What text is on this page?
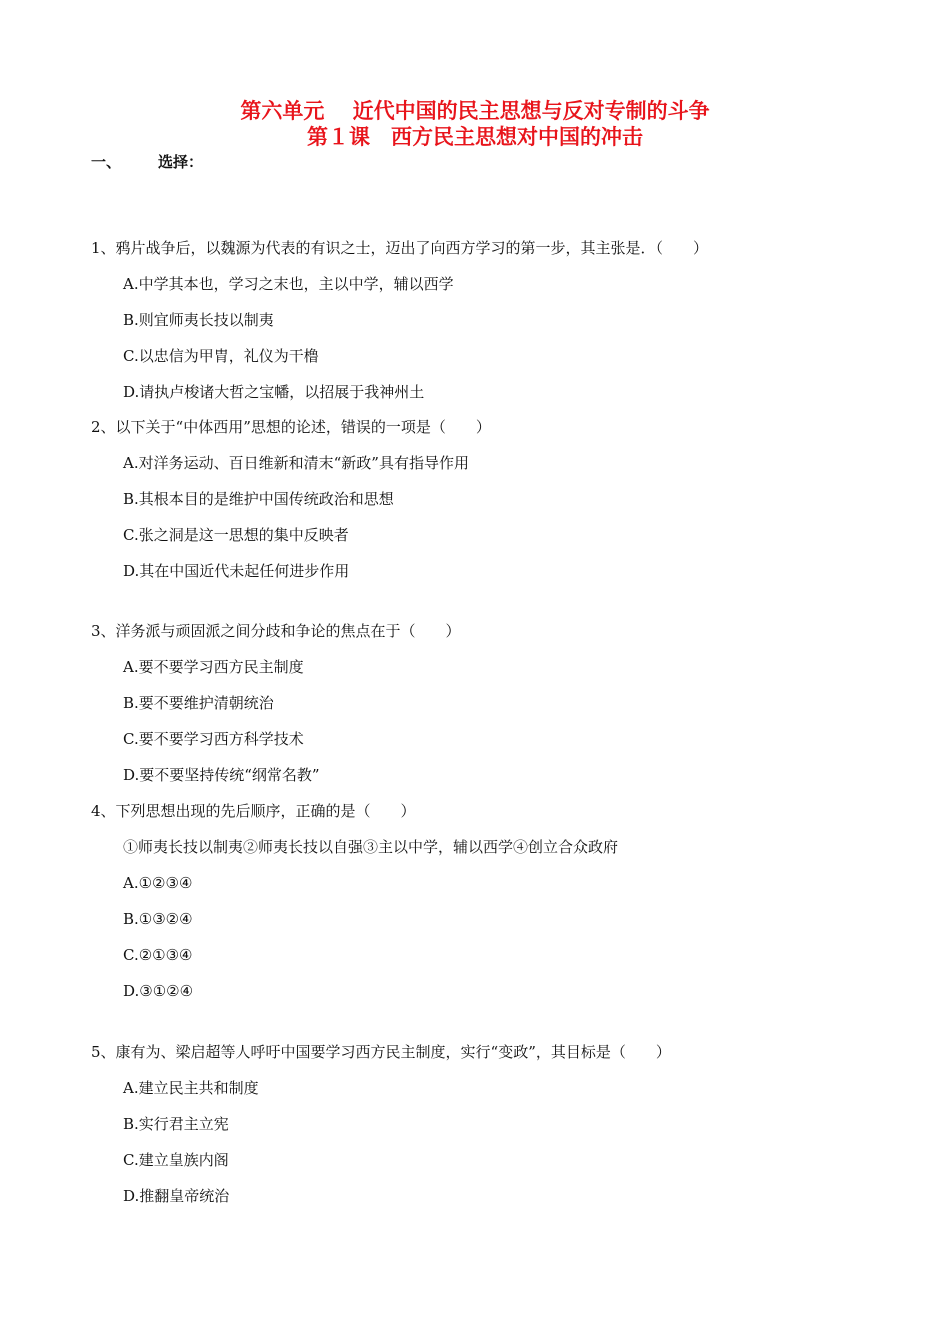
第六单元　 近代中国的民主思想与反对专制的斗争
第１课　西方民主思想对中国的冲击
一、 选择：
1、鸦片战争后，以魏源为代表的有识之士，迈出了向西方学习的第一步，其主张是．（　　）
A.中学其本也，学习之末也，主以中学，辅以西学
B.则宜师夷长技以制夷
C.以忠信为甲胄，礼仪为干橹
D.请执卢梭诸大哲之宝幡，以招展于我神州土
2、以下关于“中体西用”思想的论述，错误的一项是（　　）
A.对洋务运动、百日维新和清末“新政”具有指导作用
B.其根本目的是维护中国传统政治和思想
C.张之洞是这一思想的集中反映者
D.其在中国近代未起任何进步作用
3、洋务派与顽固派之间分歧和争论的焦点在于（　　）
A.要不要学习西方民主制度
B.要不要维护清朝统治
C.要不要学习西方科学技术
D.要不要坚持传统“纲常名教”
4、下列思想出现的先后顺序，正确的是（　　）
①师夷长技以制夷②师夷长技以自强③主以中学，辅以西学④创立合众政府
A.①②③④
B.①③②④
C.②①③④
D.③①②④
5、康有为、梁启超等人呼吁中国要学习西方民主制度，实行“变政”，其目标是（　　）
A.建立民主共和制度
B.实行君主立宪
C.建立皇族内阁
D.推翻皇帝统治
